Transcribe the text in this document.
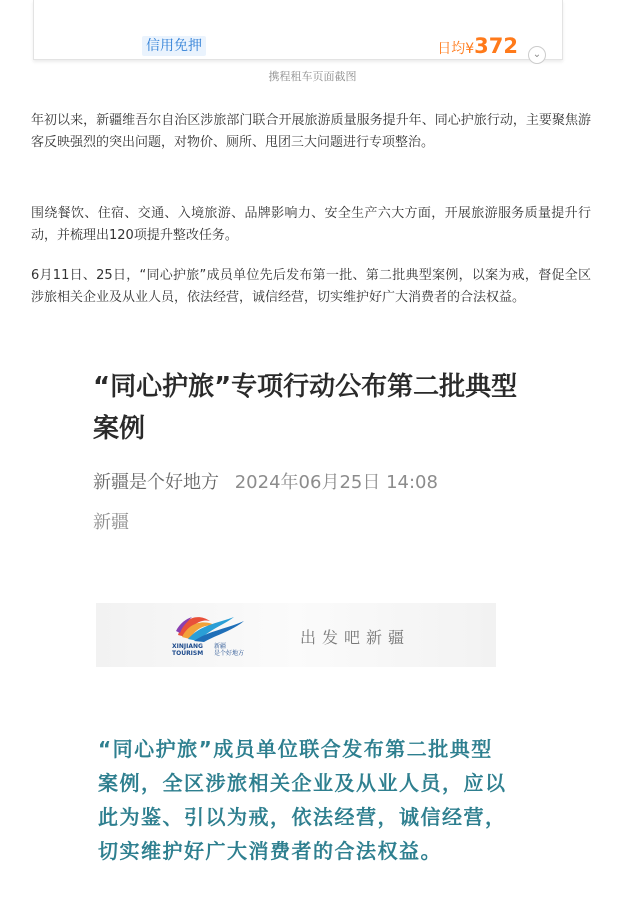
信用免押	日均¥372	⌄
携程租车页面截图

年初以来，新疆维吾尔自治区涉旅部门联合开展旅游质量服务提升年、同心护旅行动，主要聚焦游客反映强烈的突出问题，对物价、厕所、甩团三大问题进行专项整治。

围绕餐饮、住宿、交通、入境旅游、品牌影响力、安全生产六大方面，开展旅游服务质量提升行动，并梳理出120项提升整改任务。

6月11日、25日，“同心护旅”成员单位先后发布第一批、第二批典型案例，以案为戒，督促全区涉旅相关企业及从业人员，依法经营，诚信经营，切实维护好广大消费者的合法权益。

“同心护旅”专项行动公布第二批典型案例
新疆是个好地方 2024年06月25日 14:08
新疆
XINJIANG
TOURISM
新疆
是个好地方
出发吧新疆
“同心护旅”成员单位联合发布第二批典型案例，全区涉旅相关企业及从业人员，应以此为鉴、引以为戒，依法经营，诚信经营，切实维护好广大消费者的合法权益。
